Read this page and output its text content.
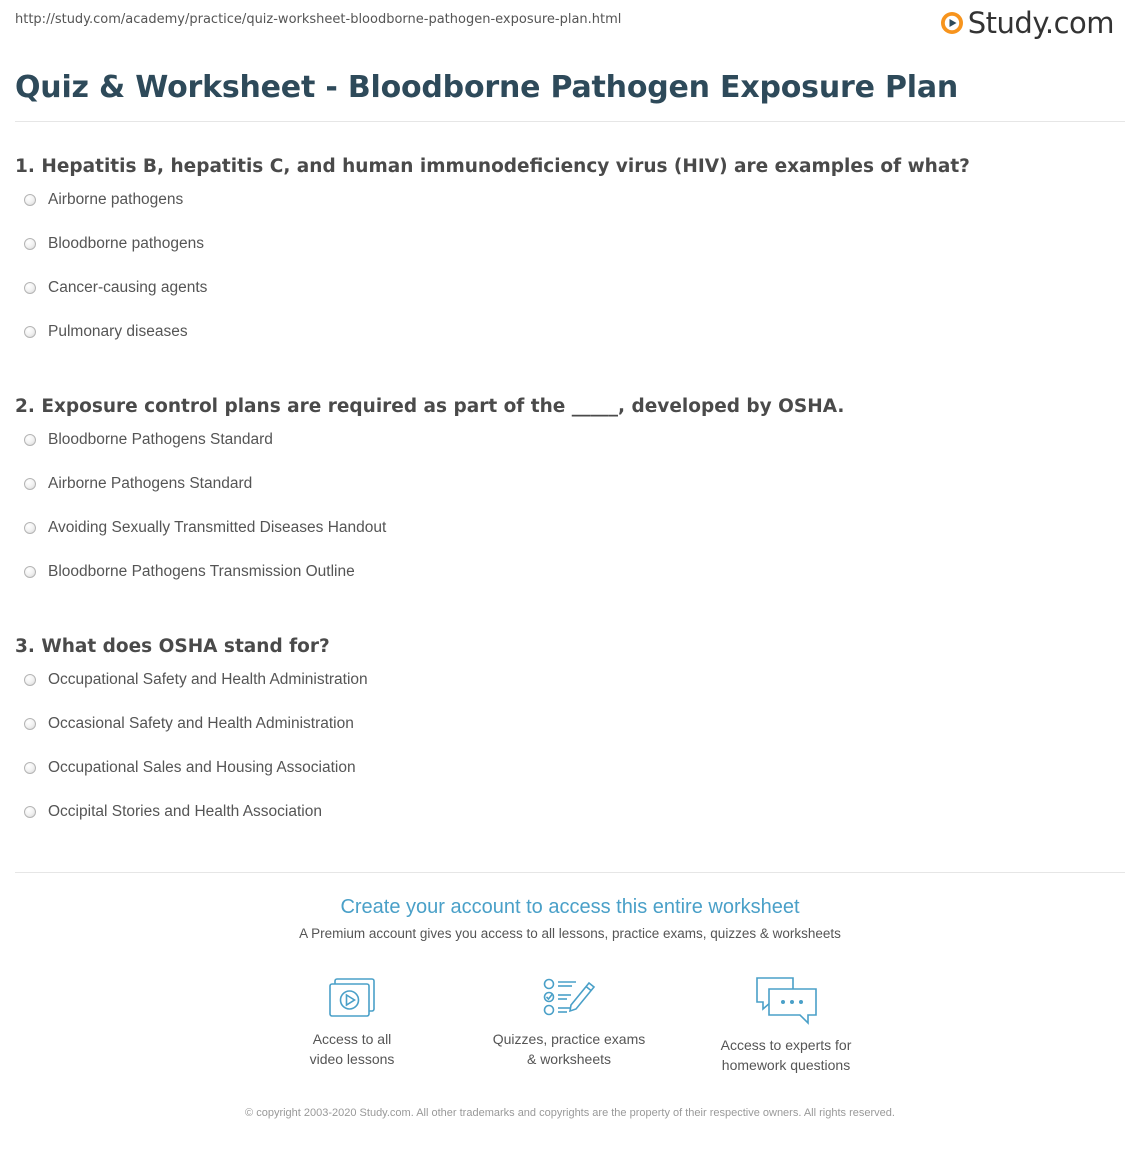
http://study.com/academy/practice/quiz-worksheet-bloodborne-pathogen-exposure-plan.html	Study.com
Quiz & Worksheet - Bloodborne Pathogen Exposure Plan

1. Hepatitis B, hepatitis C, and human immunodeficiency virus (HIV) are examples of what?

Airborne pathogens
Bloodborne pathogens
Cancer-causing agents
Pulmonary diseases

2. Exposure control plans are required as part of the _____, developed by OSHA.

Bloodborne Pathogens Standard
Airborne Pathogens Standard
Avoiding Sexually Transmitted Diseases Handout
Bloodborne Pathogens Transmission Outline

3. What does OSHA stand for?

Occupational Safety and Health Administration
Occasional Safety and Health Administration
Occupational Sales and Housing Association
Occipital Stories and Health Association
Create your account to access this entire worksheet
A Premium account gives you access to all lessons, practice exams, quizzes & worksheets
Access to all
video lessons
Quizzes, practice exams
& worksheets
Access to experts for
homework questions
© copyright 2003-2020 Study.com. All other trademarks and copyrights are the property of their respective owners. All rights reserved.
